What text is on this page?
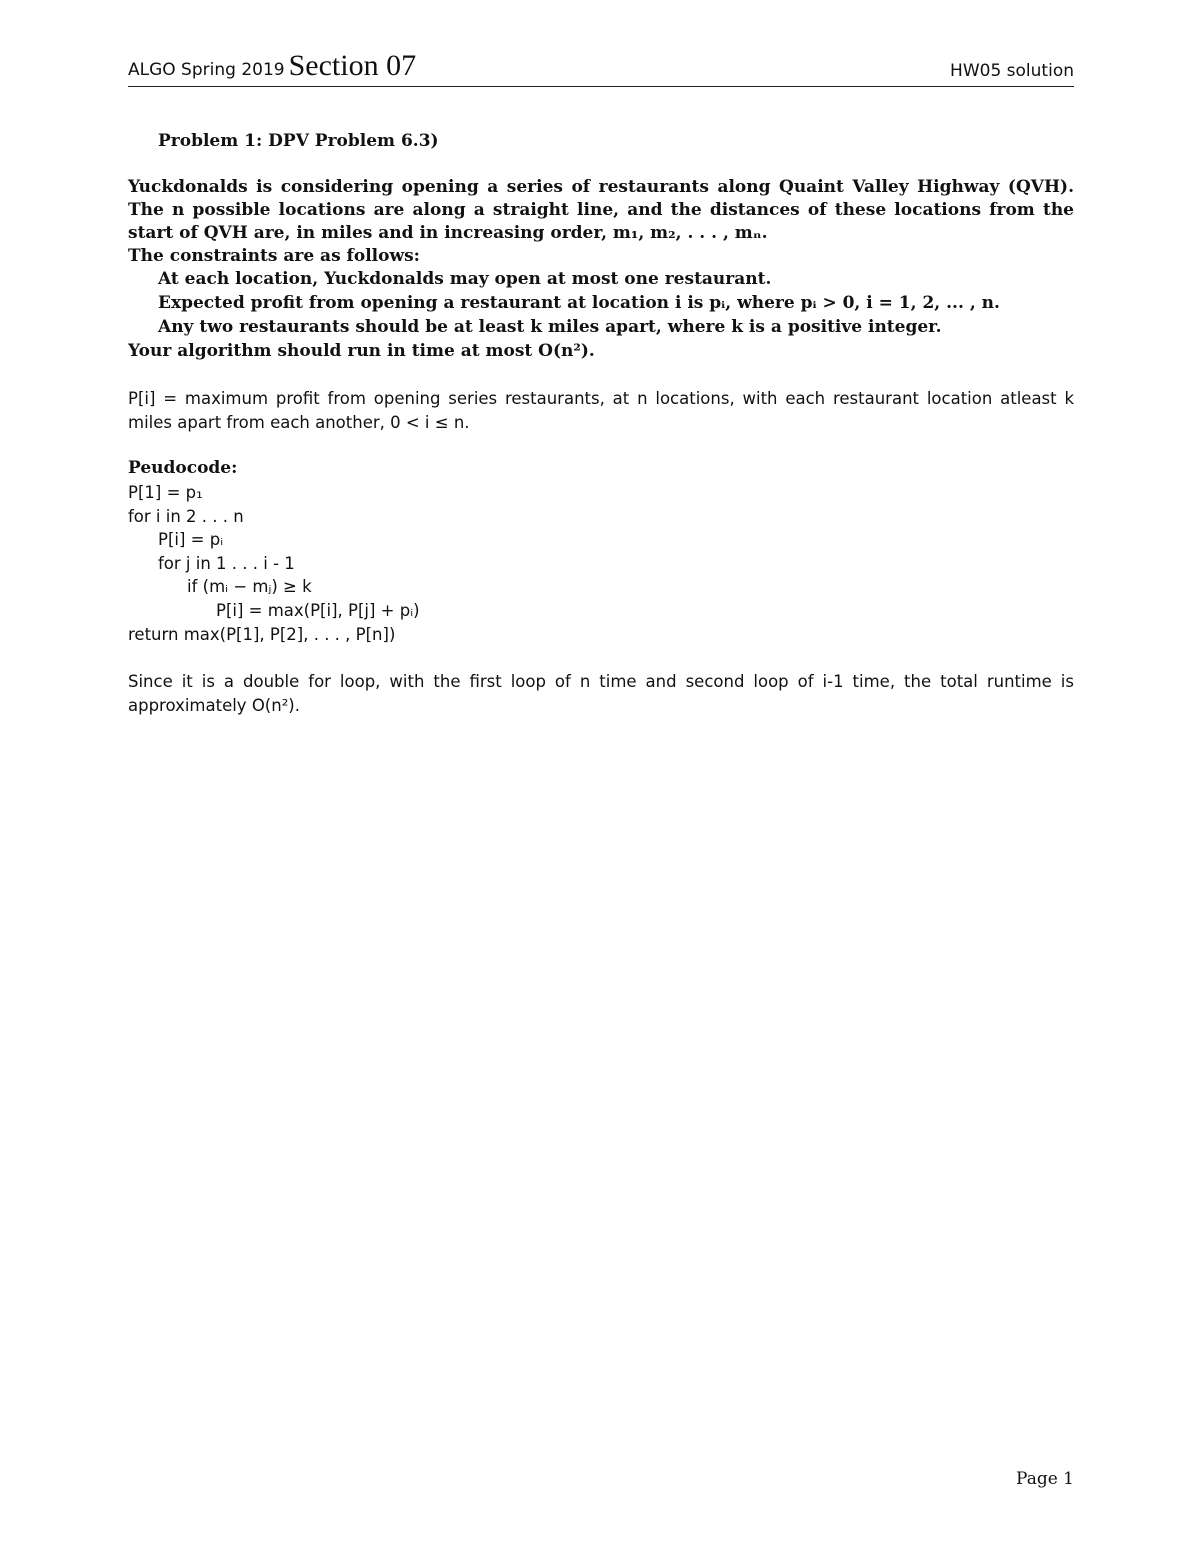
ALGO Spring 2019 Section 07	HW05 solution
Problem 1: DPV Problem 6.3)
Yuckdonalds is considering opening a series of restaurants along Quaint Valley Highway (QVH).
The n possible locations are along a straight line, and the distances of these locations from the
start of QVH are, in miles and in increasing order, m₁, m₂, . . . , mₙ.
The constraints are as follows:
At each location, Yuckdonalds may open at most one restaurant.
Expected profit from opening a restaurant at location i is pᵢ, where pᵢ > 0, i = 1, 2, ... , n.
Any two restaurants should be at least k miles apart, where k is a positive integer.
Your algorithm should run in time at most O(n²).
P[i] = maximum profit from opening series restaurants, at n locations, with each restaurant location atleast k
miles apart from each another, 0 < i ≤ n.
Peudocode:
P[1] = p₁
for i in 2 . . . n
P[i] = pᵢ
for j in 1 . . . i - 1
if (mᵢ − mⱼ) ≥ k
P[i] = max(P[i], P[j] + pᵢ)
return max(P[1], P[2], . . . , P[n])
Since it is a double for loop, with the first loop of n time and second loop of i-1 time, the total runtime is
approximately O(n²).
Page 1
